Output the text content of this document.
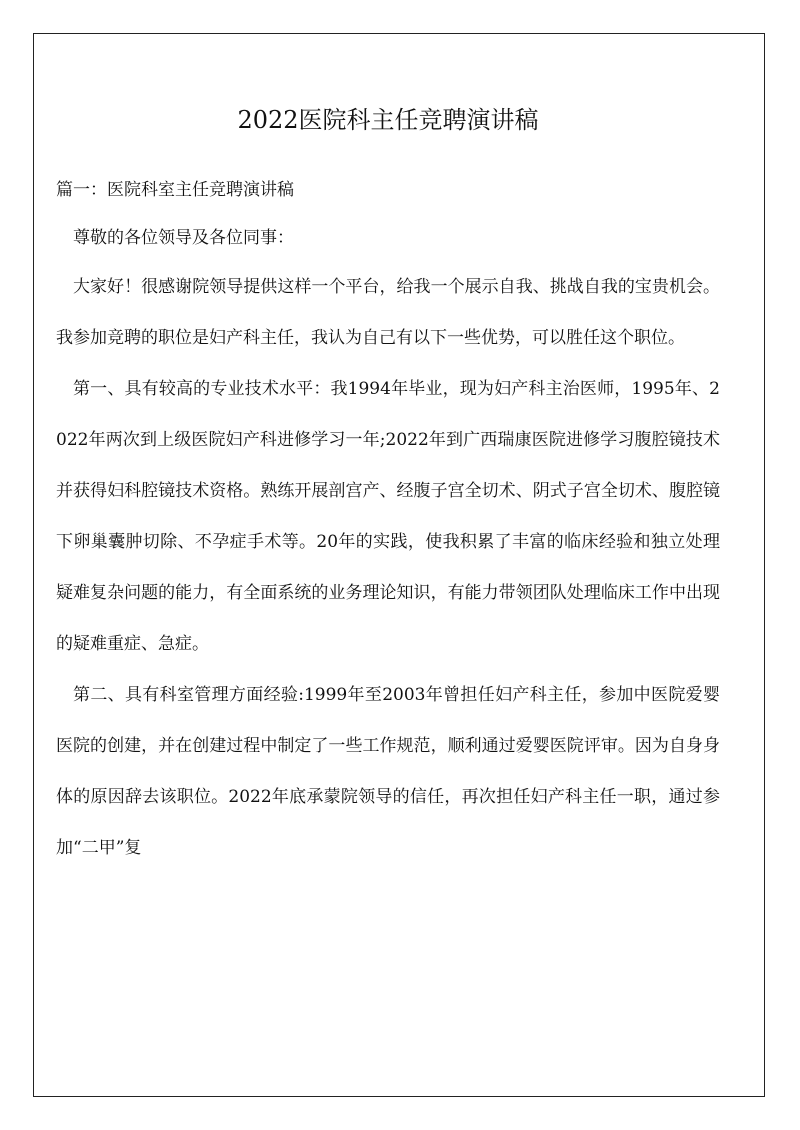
2022医院科主任竞聘演讲稿

篇一：医院科室主任竞聘演讲稿

尊敬的各位领导及各位同事：

大家好！很感谢院领导提供这样一个平台，给我一个展示自我、挑战自我的宝贵机会。我参加竞聘的职位是妇产科主任，我认为自己有以下一些优势，可以胜任这个职位。

第一、具有较高的专业技术水平：我1994年毕业，现为妇产科主治医师，1995年、2022年两次到上级医院妇产科进修学习一年;2022年到广西瑞康医院进修学习腹腔镜技术并获得妇科腔镜技术资格。熟练开展剖宫产、经腹子宫全切术、阴式子宫全切术、腹腔镜下卵巢囊肿切除、不孕症手术等。20年的实践，使我积累了丰富的临床经验和独立处理疑难复杂问题的能力，有全面系统的业务理论知识，有能力带领团队处理临床工作中出现的疑难重症、急症。

第二、具有科室管理方面经验:1999年至2003年曾担任妇产科主任，参加中医院爱婴医院的创建，并在创建过程中制定了一些工作规范，顺利通过爱婴医院评审。因为自身身体的原因辞去该职位。2022年底承蒙院领导的信任，再次担任妇产科主任一职，通过参加“二甲”复
